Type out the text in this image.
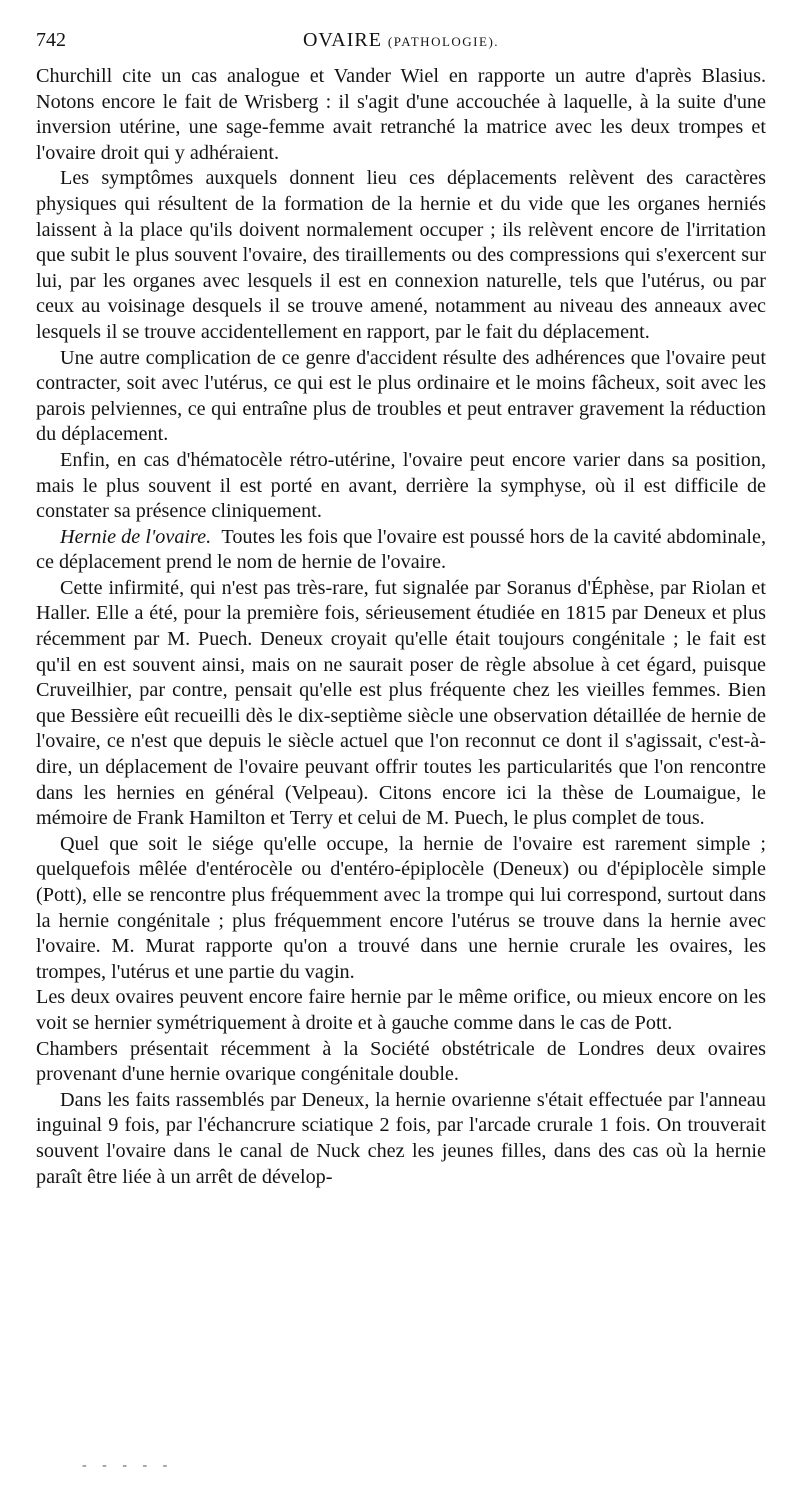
742	OVAIRE (PATHOLOGIE).

Churchill cite un cas analogue et Vander Wiel en rapporte un autre d'après Blasius. Notons encore le fait de Wrisberg : il s'agit d'une accouchée à laquelle, à la suite d'une inversion utérine, une sage-femme avait retranché la matrice avec les deux trompes et l'ovaire droit qui y adhéraient.

Les symptômes auxquels donnent lieu ces déplacements relèvent des caractères physiques qui résultent de la formation de la hernie et du vide que les organes herniés laissent à la place qu'ils doivent normalement occuper ; ils relèvent encore de l'irritation que subit le plus souvent l'ovaire, des tiraillements ou des compressions qui s'exercent sur lui, par les organes avec lesquels il est en connexion naturelle, tels que l'utérus, ou par ceux au voisinage desquels il se trouve amené, notamment au niveau des anneaux avec lesquels il se trouve accidentellement en rapport, par le fait du déplacement.

Une autre complication de ce genre d'accident résulte des adhérences que l'ovaire peut contracter, soit avec l'utérus, ce qui est le plus ordinaire et le moins fâcheux, soit avec les parois pelviennes, ce qui entraîne plus de troubles et peut entraver gravement la réduction du déplacement.

Enfin, en cas d'hématocèle rétro-utérine, l'ovaire peut encore varier dans sa position, mais le plus souvent il est porté en avant, derrière la symphyse, où il est difficile de constater sa présence cliniquement.

Hernie de l'ovaire. Toutes les fois que l'ovaire est poussé hors de la cavité abdominale, ce déplacement prend le nom de hernie de l'ovaire.

Cette infirmité, qui n'est pas très-rare, fut signalée par Soranus d'Éphèse, par Riolan et Haller. Elle a été, pour la première fois, sérieusement étudiée en 1815 par Deneux et plus récemment par M. Puech. Deneux croyait qu'elle était toujours congénitale ; le fait est qu'il en est souvent ainsi, mais on ne saurait poser de règle absolue à cet égard, puisque Cruveilhier, par contre, pensait qu'elle est plus fréquente chez les vieilles femmes. Bien que Bessière eût recueilli dès le dix-septième siècle une observation détaillée de hernie de l'ovaire, ce n'est que depuis le siècle actuel que l'on reconnut ce dont il s'agissait, c'est-à-dire, un déplacement de l'ovaire peuvant offrir toutes les particularités que l'on rencontre dans les hernies en général (Velpeau). Citons encore ici la thèse de Loumaigue, le mémoire de Frank Hamilton et Terry et celui de M. Puech, le plus complet de tous.

Quel que soit le siége qu'elle occupe, la hernie de l'ovaire est rarement simple ; quelquefois mêlée d'entérocèle ou d'entéro-épiplocèle (Deneux) ou d'épiplocèle simple (Pott), elle se rencontre plus fréquemment avec la trompe qui lui correspond, surtout dans la hernie congénitale ; plus fréquemment encore l'utérus se trouve dans la hernie avec l'ovaire. M. Murat rapporte qu'on a trouvé dans une hernie crurale les ovaires, les trompes, l'utérus et une partie du vagin.

Les deux ovaires peuvent encore faire hernie par le même orifice, ou mieux encore on les voit se hernier symétriquement à droite et à gauche comme dans le cas de Pott.

Chambers présentait récemment à la Société obstétricale de Londres deux ovaires provenant d'une hernie ovarique congénitale double.

Dans les faits rassemblés par Deneux, la hernie ovarienne s'était effectuée par l'anneau inguinal 9 fois, par l'échancrure sciatique 2 fois, par l'arcade crurale 1 fois. On trouverait souvent l'ovaire dans le canal de Nuck chez les jeunes filles, dans des cas où la hernie paraît être liée à un arrêt de dévelop-

- - - - -
